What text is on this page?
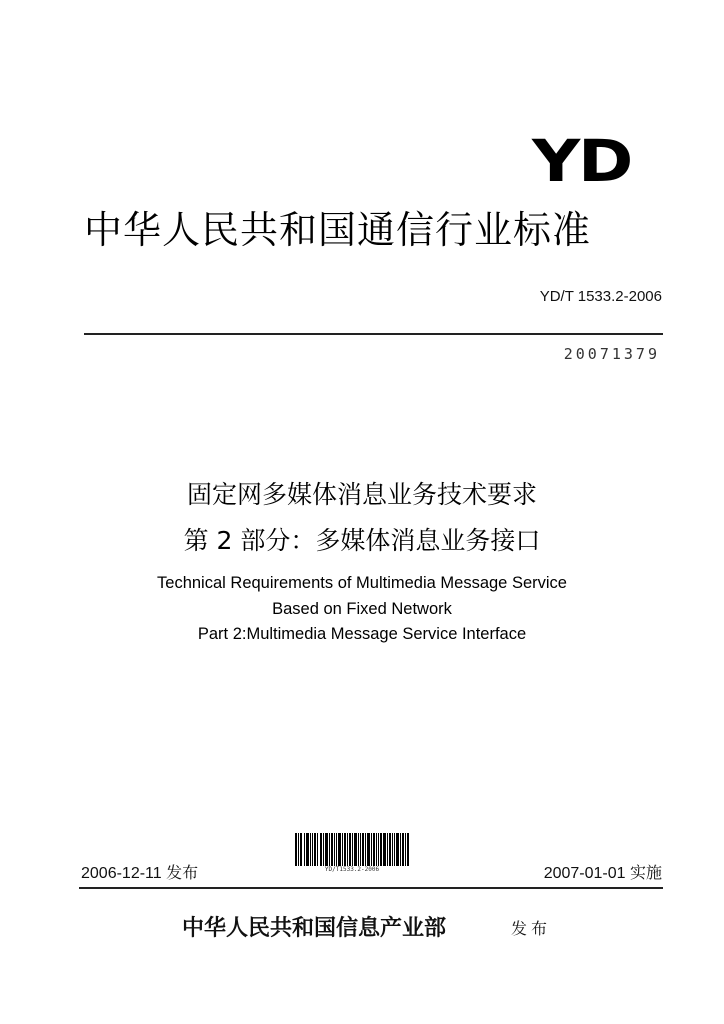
YD
中华人民共和国通信行业标准
YD/T 1533.2-2006
20071379
固定网多媒体消息业务技术要求
第 2 部分：多媒体消息业务接口
Technical Requirements of Multimedia Message Service
Based on Fixed Network
Part 2:Multimedia Message Service Interface
YD/T1533.2-2006
2006-12-11 发布	2007-01-01 实施
中华人民共和国信息产业部	发布
